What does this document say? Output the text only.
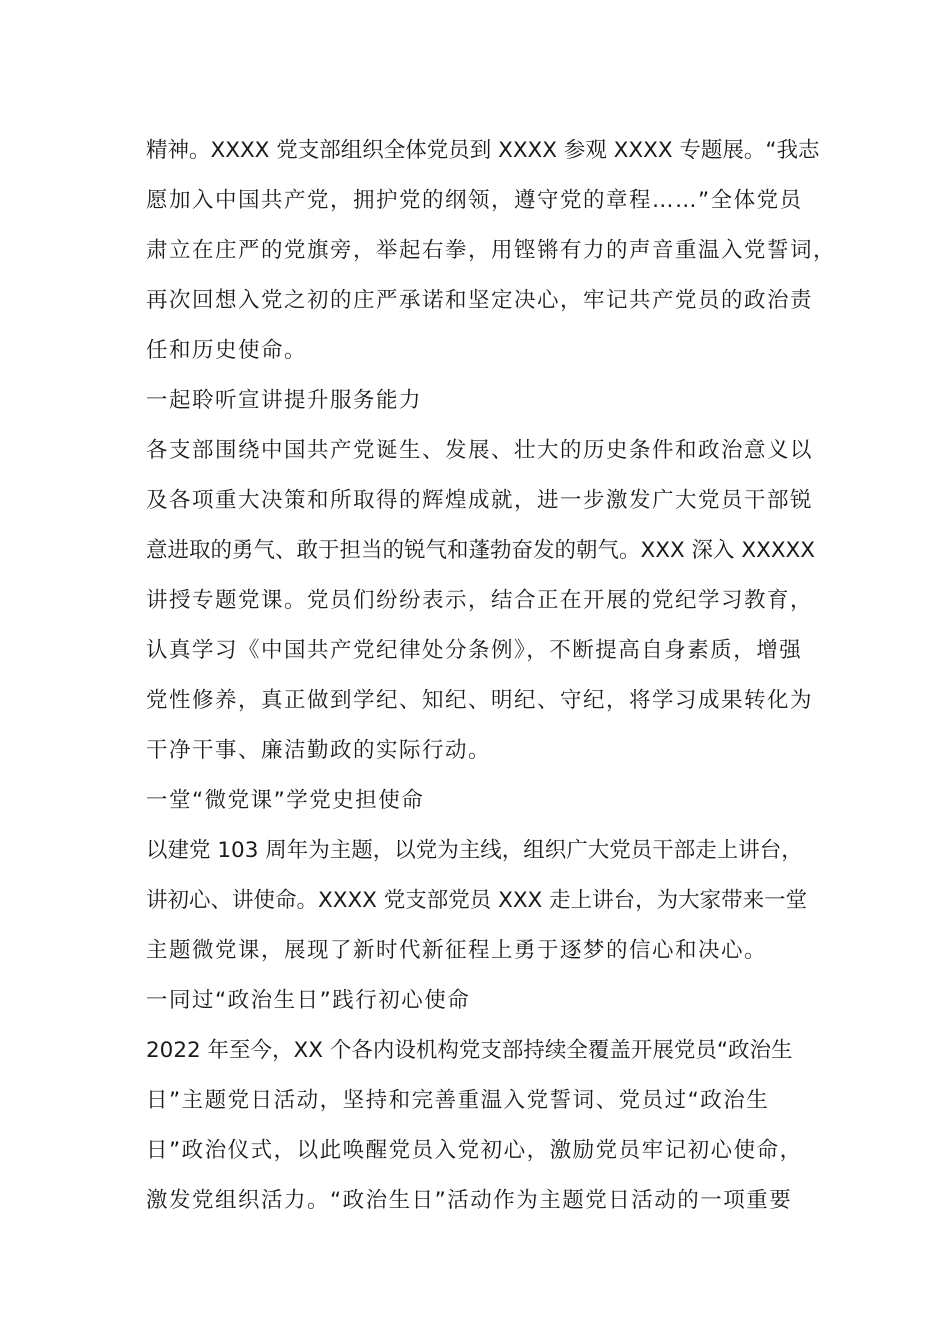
精神。XXXX 党支部组织全体党员到 XXXX 参观 XXXX 专题展。“我志
愿加入中国共产党，拥护党的纲领，遵守党的章程……”全体党员
肃立在庄严的党旗旁，举起右拳，用铿锵有力的声音重温入党誓词，
再次回想入党之初的庄严承诺和坚定决心，牢记共产党员的政治责
任和历史使命。
一起聆听宣讲提升服务能力
各支部围绕中国共产党诞生、发展、壮大的历史条件和政治意义以
及各项重大决策和所取得的辉煌成就，进一步激发广大党员干部锐
意进取的勇气、敢于担当的锐气和蓬勃奋发的朝气。XXX 深入 XXXXX
讲授专题党课。党员们纷纷表示，结合正在开展的党纪学习教育，
认真学习《中国共产党纪律处分条例》，不断提高自身素质，增强
党性修养，真正做到学纪、知纪、明纪、守纪，将学习成果转化为
干净干事、廉洁勤政的实际行动。
一堂“微党课”学党史担使命
以建党 103 周年为主题，以党为主线，组织广大党员干部走上讲台，
讲初心、讲使命。XXXX 党支部党员 XXX 走上讲台，为大家带来一堂
主题微党课，展现了新时代新征程上勇于逐梦的信心和决心。
一同过“政治生日”践行初心使命
2022 年至今，XX 个各内设机构党支部持续全覆盖开展党员“政治生
日”主题党日活动，坚持和完善重温入党誓词、党员过“政治生
日”政治仪式，以此唤醒党员入党初心，激励党员牢记初心使命，
激发党组织活力。“政治生日”活动作为主题党日活动的一项重要
